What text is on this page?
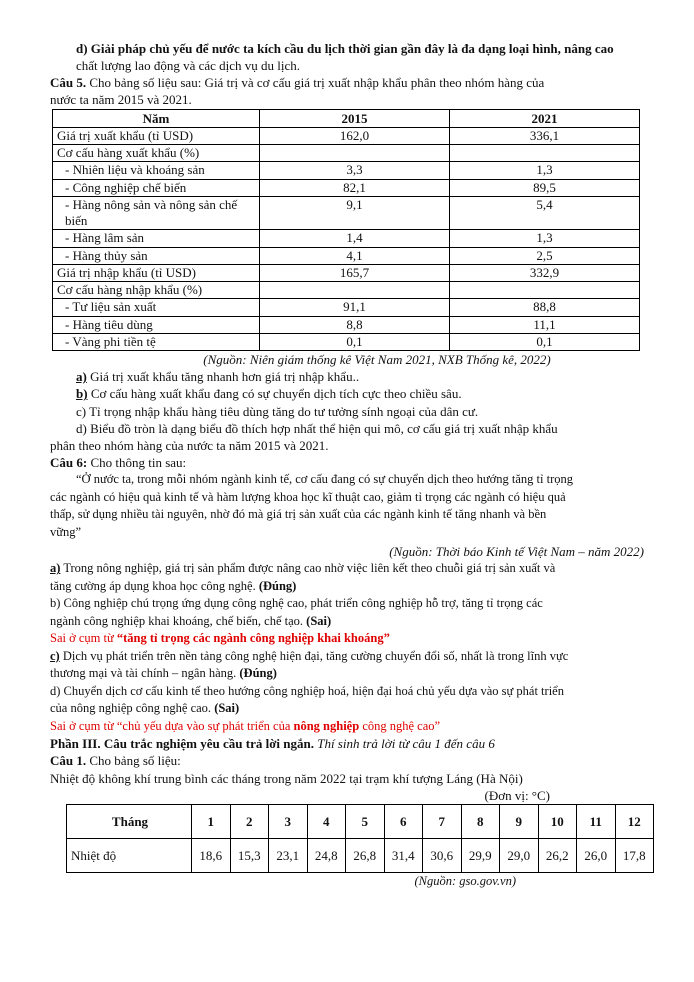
d) Giải pháp chủ yếu để nước ta kích cầu du lịch thời gian gần đây là đa dạng loại hình, nâng cao

chất lượng lao động và các dịch vụ du lịch.

Câu 5. Cho bảng số liệu sau: Giá trị và cơ cấu giá trị xuất nhập khẩu phân theo nhóm hàng của

nước ta năm 2015 và 2021.

Năm	2015	2021
Giá trị xuất khẩu (tỉ USD)	162,0	336,1
Cơ cấu hàng xuất khẩu (%)		
- Nhiên liệu và khoáng sản	3,3	1,3
- Công nghiệp chế biến	82,1	89,5
- Hàng nông sản và nông sản chế biến	9,1	5,4
- Hàng lâm sản	1,4	1,3
- Hàng thủy sản	4,1	2,5
Giá trị nhập khẩu (tỉ USD)	165,7	332,9
Cơ cấu hàng nhập khẩu (%)		
- Tư liệu sản xuất	91,1	88,8
- Hàng tiêu dùng	8,8	11,1
- Vàng phi tiền tệ	0,1	0,1

(Nguồn: Niên giám thống kê Việt Nam 2021, NXB Thống kê, 2022)

a) Giá trị xuất khẩu tăng nhanh hơn giá trị nhập khẩu..

b) Cơ cấu hàng xuất khẩu đang có sự chuyển dịch tích cực theo chiều sâu.

c) Tỉ trọng nhập khẩu hàng tiêu dùng tăng do tư tưởng sính ngoại của dân cư.

d) Biểu đồ tròn là dạng biểu đồ thích hợp nhất thể hiện qui mô, cơ cấu giá trị xuất nhập khẩu

phân theo nhóm hàng của nước ta năm 2015 và 2021.

Câu 6: Cho thông tin sau:

“Ở nước ta, trong mỗi nhóm ngành kinh tế, cơ cấu đang có sự chuyển dịch theo hướng tăng tỉ trọng

các ngành có hiệu quả kinh tế và hàm lượng khoa học kĩ thuật cao, giảm tỉ trọng các ngành có hiệu quả

thấp, sử dụng nhiều tài nguyên, nhờ đó mà giá trị sản xuất của các ngành kinh tế tăng nhanh và bền

vững”

(Nguồn: Thời báo Kinh tế Việt Nam – năm 2022)

a) Trong nông nghiệp, giá trị sản phẩm được nâng cao nhờ việc liên kết theo chuỗi giá trị sản xuất và

tăng cường áp dụng khoa học công nghệ. (Đúng)

b) Công nghiệp chú trọng ứng dụng công nghệ cao, phát triển công nghiệp hỗ trợ, tăng tỉ trọng các

ngành công nghiệp khai khoáng, chế biến, chế tạo. (Sai)

Sai ở cụm từ “tăng tỉ trọng các ngành công nghiệp khai khoáng”

c) Dịch vụ phát triển trên nền tảng công nghệ hiện đại, tăng cường chuyển đổi số, nhất là trong lĩnh vực

thương mại và tài chính – ngân hàng. (Đúng)

d) Chuyển dịch cơ cấu kinh tế theo hướng công nghiệp hoá, hiện đại hoá chủ yếu dựa vào sự phát triển

của nông nghiệp công nghệ cao. (Sai)

Sai ở cụm từ “chủ yếu dựa vào sự phát triển của nông nghiệp công nghệ cao”

Phần III. Câu trắc nghiệm yêu cầu trả lời ngắn. Thí sinh trả lời từ câu 1 đến câu 6

Câu 1. Cho bảng số liệu:

Nhiệt độ không khí trung bình các tháng trong năm 2022 tại trạm khí tượng Láng (Hà Nội)

(Đơn vị: °C)

Tháng	1	2	3	4	5	6	7	8	9	10	11	12
Nhiệt độ	18,6	15,3	23,1	24,8	26,8	31,4	30,6	29,9	29,0	26,2	26,0	17,8

(Nguồn: gso.gov.vn)
